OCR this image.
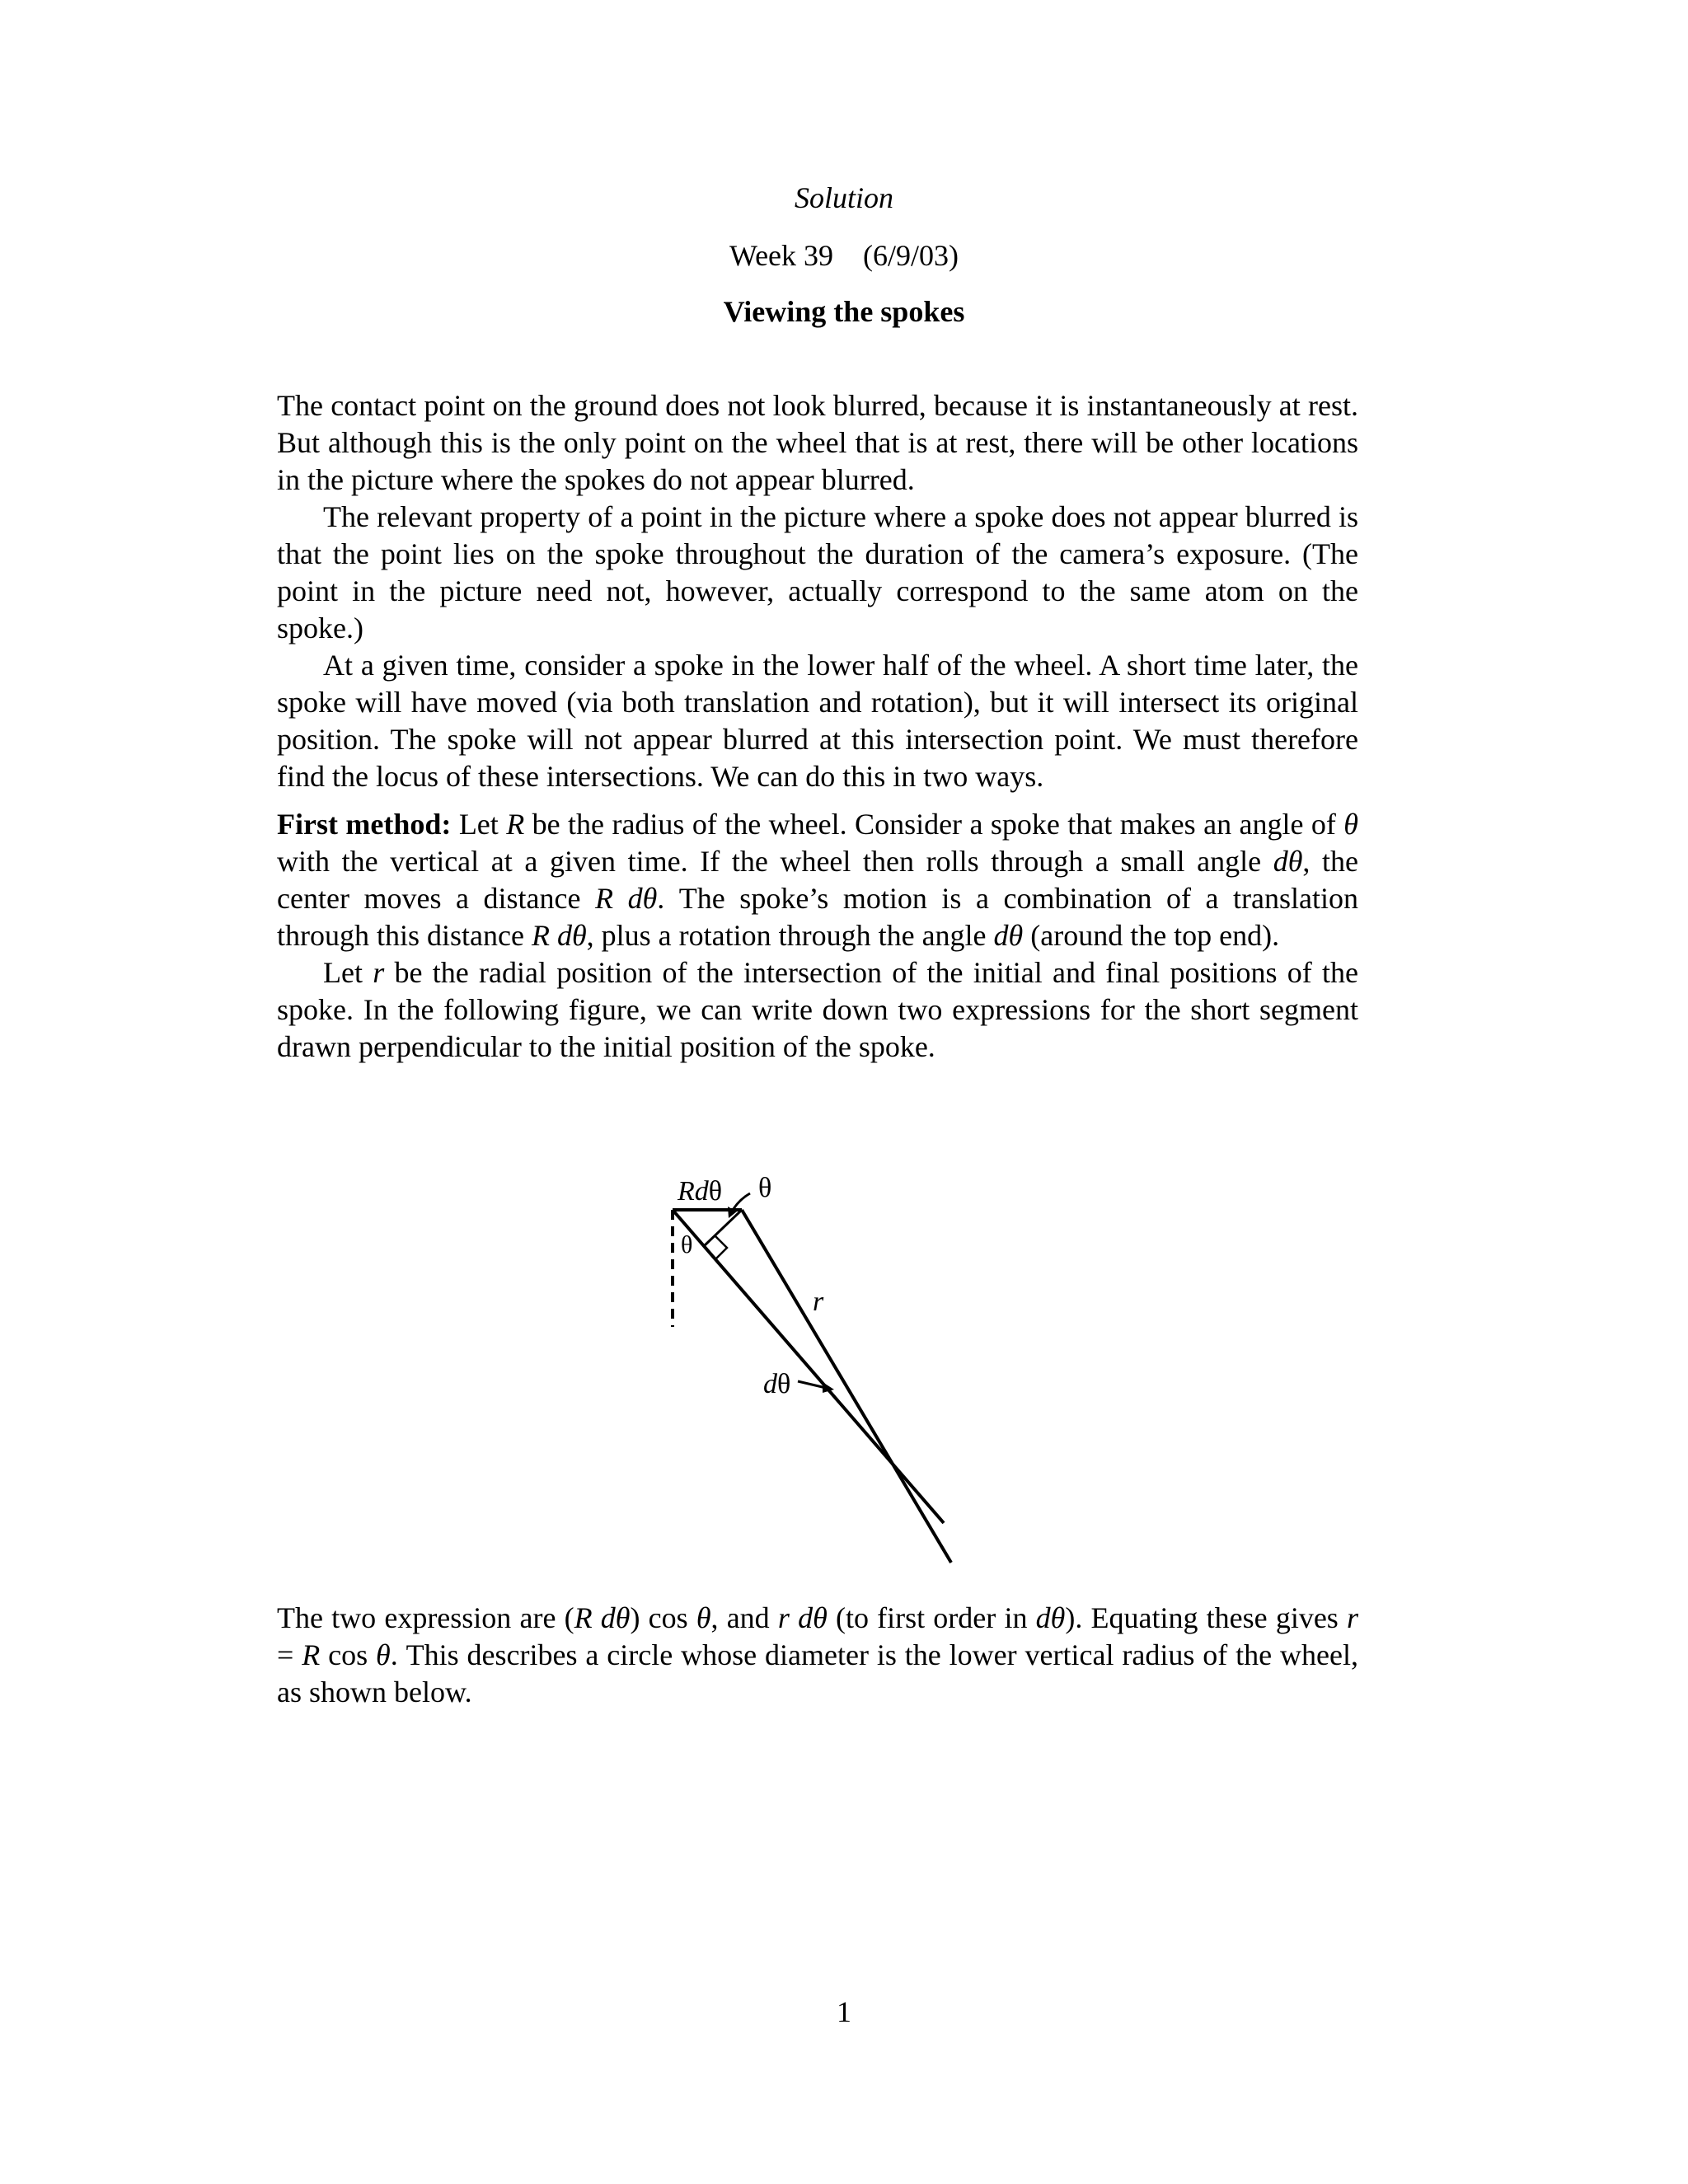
Solution
Week 39    (6/9/03)
Viewing the spokes

The contact point on the ground does not look blurred, because it is instantaneously at rest. But although this is the only point on the wheel that is at rest, there will be other locations in the picture where the spokes do not appear blurred.

The relevant property of a point in the picture where a spoke does not appear blurred is that the point lies on the spoke throughout the duration of the camera’s exposure. (The point in the picture need not, however, actually correspond to the same atom on the spoke.)

At a given time, consider a spoke in the lower half of the wheel. A short time later, the spoke will have moved (via both translation and rotation), but it will intersect its original position. The spoke will not appear blurred at this intersection point. We must therefore find the locus of these intersections. We can do this in two ways.

First method: Let R be the radius of the wheel. Consider a spoke that makes an angle of θ with the vertical at a given time. If the wheel then rolls through a small angle dθ, the center moves a distance R dθ. The spoke’s motion is a combination of a translation through this distance R dθ, plus a rotation through the angle dθ (around the top end).

Let r be the radial position of the intersection of the initial and final positions of the spoke. In the following figure, we can write down two expressions for the short segment drawn perpendicular to the initial position of the spoke.

Rdθ θ
θ
r
dθ

The two expression are (R dθ) cos θ, and r dθ (to first order in dθ). Equating these gives r = R cos θ. This describes a circle whose diameter is the lower vertical radius of the wheel, as shown below.

1
